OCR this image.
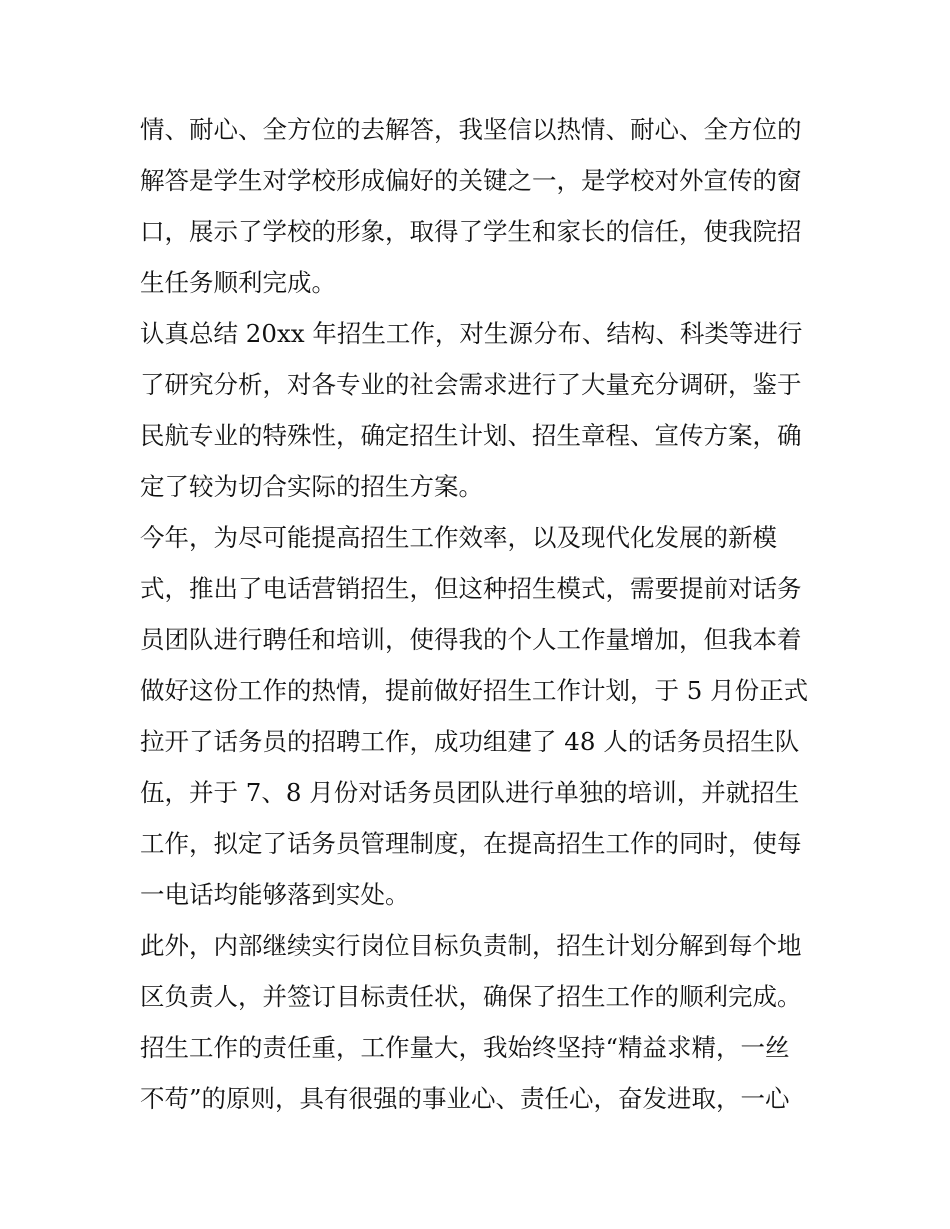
情、耐心、全方位的去解答，我坚信以热情、耐心、全方位的
解答是学生对学校形成偏好的关键之一，是学校对外宣传的窗
口，展示了学校的形象，取得了学生和家长的信任，使我院招
生任务顺利完成。
认真总结 20xx 年招生工作，对生源分布、结构、科类等进行
了研究分析，对各专业的社会需求进行了大量充分调研，鉴于
民航专业的特殊性，确定招生计划、招生章程、宣传方案，确
定了较为切合实际的招生方案。
今年，为尽可能提高招生工作效率，以及现代化发展的新模
式，推出了电话营销招生，但这种招生模式，需要提前对话务
员团队进行聘任和培训，使得我的个人工作量增加，但我本着
做好这份工作的热情，提前做好招生工作计划，于 5 月份正式
拉开了话务员的招聘工作，成功组建了 48 人的话务员招生队
伍，并于 7、8 月份对话务员团队进行单独的培训，并就招生
工作，拟定了话务员管理制度，在提高招生工作的同时，使每
一电话均能够落到实处。
此外，内部继续实行岗位目标负责制，招生计划分解到每个地
区负责人，并签订目标责任状，确保了招生工作的顺利完成。
招生工作的责任重，工作量大，我始终坚持“精益求精，一丝
不苟”的原则，具有很强的事业心、责任心，奋发进取，一心
